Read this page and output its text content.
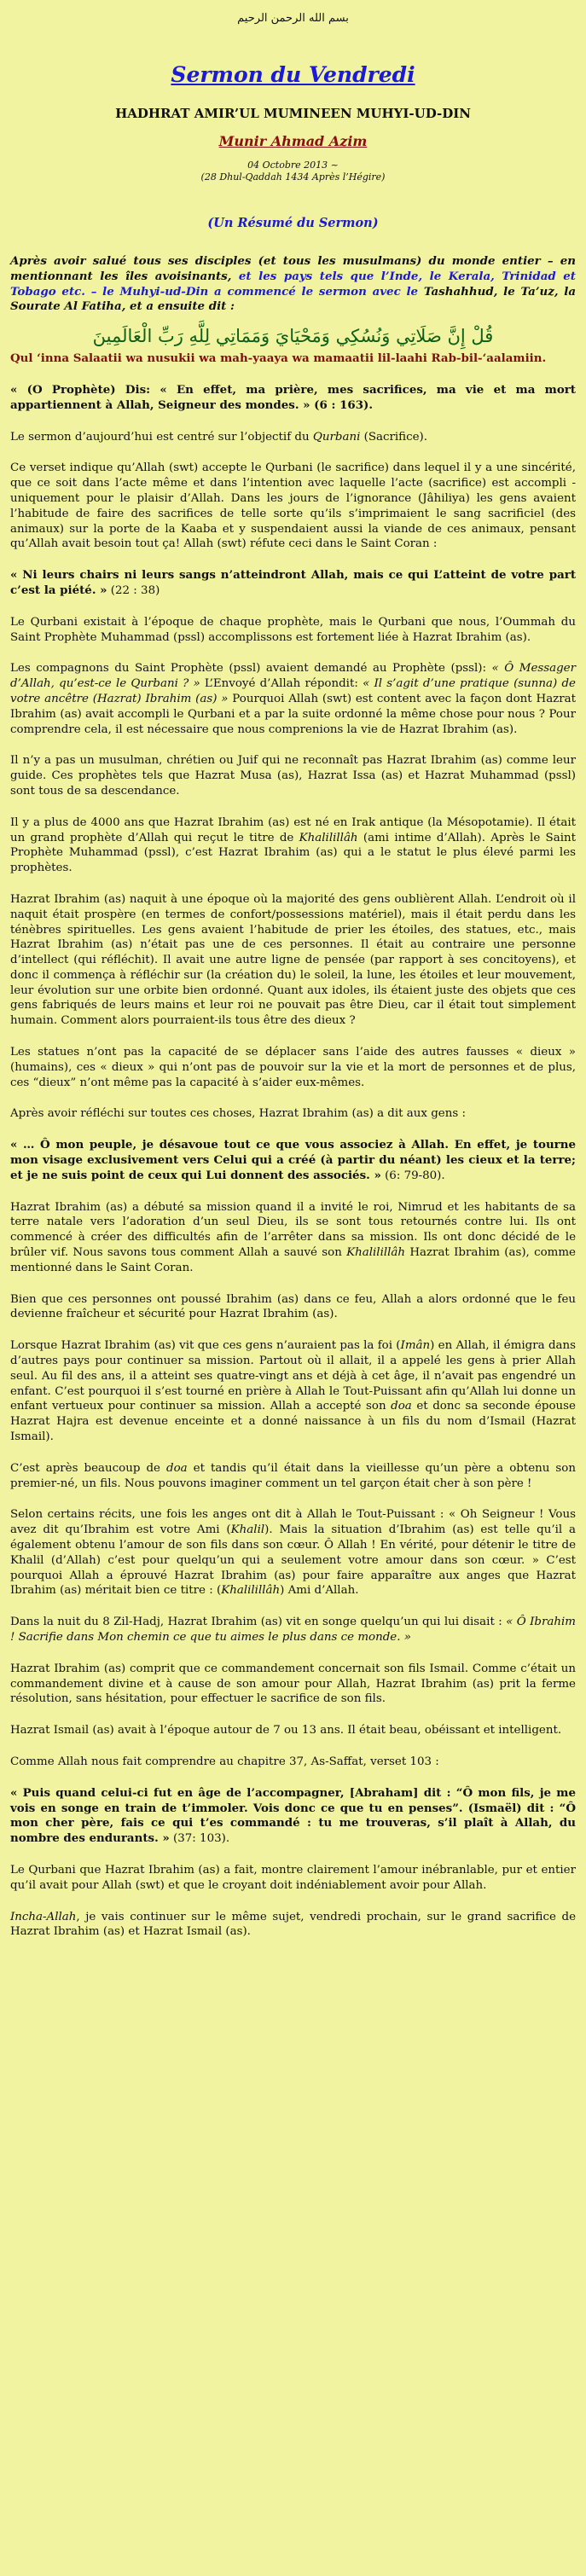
بسم الله الرحمن الرحيم
Sermon du Vendredi
HADHRAT AMIR’UL MUMINEEN MUHYI-UD-DIN
Munir Ahmad Azim
04 Octobre 2013 ~
(28 Dhul-Qaddah 1434 Après l’Hégire)
(Un Résumé du Sermon)

Après avoir salué tous ses disciples (et tous les musulmans) du monde entier – en mentionnant les îles avoisinants, et les pays tels que l’Inde, le Kerala, Trinidad et Tobago etc. – le Muhyi-ud-Din a commencé le sermon avec le Tashahhud, le Ta’uz, la Sourate Al Fatiha, et a ensuite dit :

قُلْ إِنَّ صَلَاتِي وَنُسُكِي وَمَحْيَايَ وَمَمَاتِي لِلَّهِ رَبِّ الْعَالَمِينَ

Qul ‘inna Salaatii wa nusukii wa mah-yaaya wa mamaatii lil-laahi Rab-bil-‘aalamiin.

« (O Prophète) Dis: « En effet, ma prière, mes sacrifices, ma vie et ma mort appartiennent à Allah, Seigneur des mondes. » (6 : 163).

Le sermon d’aujourd’hui est centré sur l’objectif du Qurbani (Sacrifice).

Ce verset indique qu’Allah (swt) accepte le Qurbani (le sacrifice) dans lequel il y a une sincérité, que ce soit dans l’acte même et dans l’intention avec laquelle l’acte (sacrifice) est accompli - uniquement pour le plaisir d’Allah. Dans les jours de l’ignorance (Jâhiliya) les gens avaient l’habitude de faire des sacrifices de telle sorte qu’ils s’imprimaient le sang sacrificiel (des animaux) sur la porte de la Kaaba et y suspendaient aussi la viande de ces animaux, pensant qu’Allah avait besoin tout ça! Allah (swt) réfute ceci dans le Saint Coran :

« Ni leurs chairs ni leurs sangs n’atteindront Allah, mais ce qui L’atteint de votre part c’est la piété. » (22 : 38)

Le Qurbani existait à l’époque de chaque prophète, mais le Qurbani que nous, l’Oummah du Saint Prophète Muhammad (pssl) accomplissons est fortement liée à Hazrat Ibrahim (as).

Les compagnons du Saint Prophète (pssl) avaient demandé au Prophète (pssl): « Ô Messager d’Allah, qu’est-ce le Qurbani ? » L’Envoyé d’Allah répondit: « Il s’agit d’une pratique (sunna) de votre ancêtre (Hazrat) Ibrahim (as) » Pourquoi Allah (swt) est content avec la façon dont Hazrat Ibrahim (as) avait accompli le Qurbani et a par la suite ordonné la même chose pour nous ? Pour comprendre cela, il est nécessaire que nous comprenions la vie de Hazrat Ibrahim (as).

Il n’y a pas un musulman, chrétien ou Juif qui ne reconnaît pas Hazrat Ibrahim (as) comme leur guide. Ces prophètes tels que Hazrat Musa (as), Hazrat Issa (as) et Hazrat Muhammad (pssl) sont tous de sa descendance.

Il y a plus de 4000 ans que Hazrat Ibrahim (as) est né en Irak antique (la Mésopotamie). Il était un grand prophète d’Allah qui reçut le titre de Khalilillâh (ami intime d’Allah). Après le Saint Prophète Muhammad (pssl), c’est Hazrat Ibrahim (as) qui a le statut le plus élevé parmi les prophètes.

Hazrat Ibrahim (as) naquit à une époque où la majorité des gens oublièrent Allah. L’endroit où il naquit était prospère (en termes de confort/possessions matériel), mais il était perdu dans les ténèbres spirituelles. Les gens avaient l’habitude de prier les étoiles, des statues, etc., mais Hazrat Ibrahim (as) n’était pas une de ces personnes. Il était au contraire une personne d’intellect (qui réfléchit). Il avait une autre ligne de pensée (par rapport à ses concitoyens), et donc il commença à réfléchir sur (la création du) le soleil, la lune, les étoiles et leur mouvement, leur évolution sur une orbite bien ordonné. Quant aux idoles, ils étaient juste des objets que ces gens fabriqués de leurs mains et leur roi ne pouvait pas être Dieu, car il était tout simplement humain. Comment alors pourraient-ils tous être des dieux ?

Les statues n’ont pas la capacité de se déplacer sans l’aide des autres fausses « dieux » (humains), ces « dieux » qui n’ont pas de pouvoir sur la vie et la mort de personnes et de plus, ces “dieux” n’ont même pas la capacité à s’aider eux-mêmes.

Après avoir réfléchi sur toutes ces choses, Hazrat Ibrahim (as) a dit aux gens :

« … Ô mon peuple, je désavoue tout ce que vous associez à Allah. En effet, je tourne mon visage exclusivement vers Celui qui a créé (à partir du néant) les cieux et la terre; et je ne suis point de ceux qui Lui donnent des associés. » (6: 79-80).

Hazrat Ibrahim (as) a débuté sa mission quand il a invité le roi, Nimrud et les habitants de sa terre natale vers l’adoration d’un seul Dieu, ils se sont tous retournés contre lui. Ils ont commencé à créer des difficultés afin de l’arrêter dans sa mission. Ils ont donc décidé de le brûler vif. Nous savons tous comment Allah a sauvé son Khalilillâh Hazrat Ibrahim (as), comme mentionné dans le Saint Coran.

Bien que ces personnes ont poussé Ibrahim (as) dans ce feu, Allah a alors ordonné que le feu devienne fraîcheur et sécurité pour Hazrat Ibrahim (as).

Lorsque Hazrat Ibrahim (as) vit que ces gens n’auraient pas la foi (Imân) en Allah, il émigra dans d’autres pays pour continuer sa mission. Partout où il allait, il a appelé les gens à prier Allah seul. Au fil des ans, il a atteint ses quatre-vingt ans et déjà à cet âge, il n’avait pas engendré un enfant. C’est pourquoi il s’est tourné en prière à Allah le Tout-Puissant afin qu’Allah lui donne un enfant vertueux pour continuer sa mission. Allah a accepté son doa et donc sa seconde épouse Hazrat Hajra est devenue enceinte et a donné naissance à un fils du nom d’Ismail (Hazrat Ismail).

C’est après beaucoup de doa et tandis qu’il était dans la vieillesse qu’un père a obtenu son premier-né, un fils. Nous pouvons imaginer comment un tel garçon était cher à son père !

Selon certains récits, une fois les anges ont dit à Allah le Tout-Puissant : « Oh Seigneur ! Vous avez dit qu’Ibrahim est votre Ami (Khalil). Mais la situation d’Ibrahim (as) est telle qu’il a également obtenu l’amour de son fils dans son cœur. Ô Allah ! En vérité, pour détenir le titre de Khalil (d’Allah) c’est pour quelqu’un qui a seulement votre amour dans son cœur. » C’est pourquoi Allah a éprouvé Hazrat Ibrahim (as) pour faire apparaître aux anges que Hazrat Ibrahim (as) méritait bien ce titre : (Khalilillâh) Ami d’Allah.

Dans la nuit du 8 Zil-Hadj, Hazrat Ibrahim (as) vit en songe quelqu’un qui lui disait : « Ô Ibrahim ! Sacrifie dans Mon chemin ce que tu aimes le plus dans ce monde. »

Hazrat Ibrahim (as) comprit que ce commandement concernait son fils Ismail. Comme c’était un commandement divine et à cause de son amour pour Allah, Hazrat Ibrahim (as) prit la ferme résolution, sans hésitation, pour effectuer le sacrifice de son fils.

Hazrat Ismail (as) avait à l’époque autour de 7 ou 13 ans. Il était beau, obéissant et intelligent.

Comme Allah nous fait comprendre au chapitre 37, As-Saffat, verset 103 :

« Puis quand celui-ci fut en âge de l’accompagner, [Abraham] dit : “Ô mon fils, je me vois en songe en train de t’immoler. Vois donc ce que tu en penses”. (Ismaël) dit : “Ô mon cher père, fais ce qui t’es commandé : tu me trouveras, s’il plaît à Allah, du nombre des endurants. » (37: 103).

Le Qurbani que Hazrat Ibrahim (as) a fait, montre clairement l’amour inébranlable, pur et entier qu’il avait pour Allah (swt) et que le croyant doit indéniablement avoir pour Allah.

Incha-Allah, je vais continuer sur le même sujet, vendredi prochain, sur le grand sacrifice de Hazrat Ibrahim (as) et Hazrat Ismail (as).
